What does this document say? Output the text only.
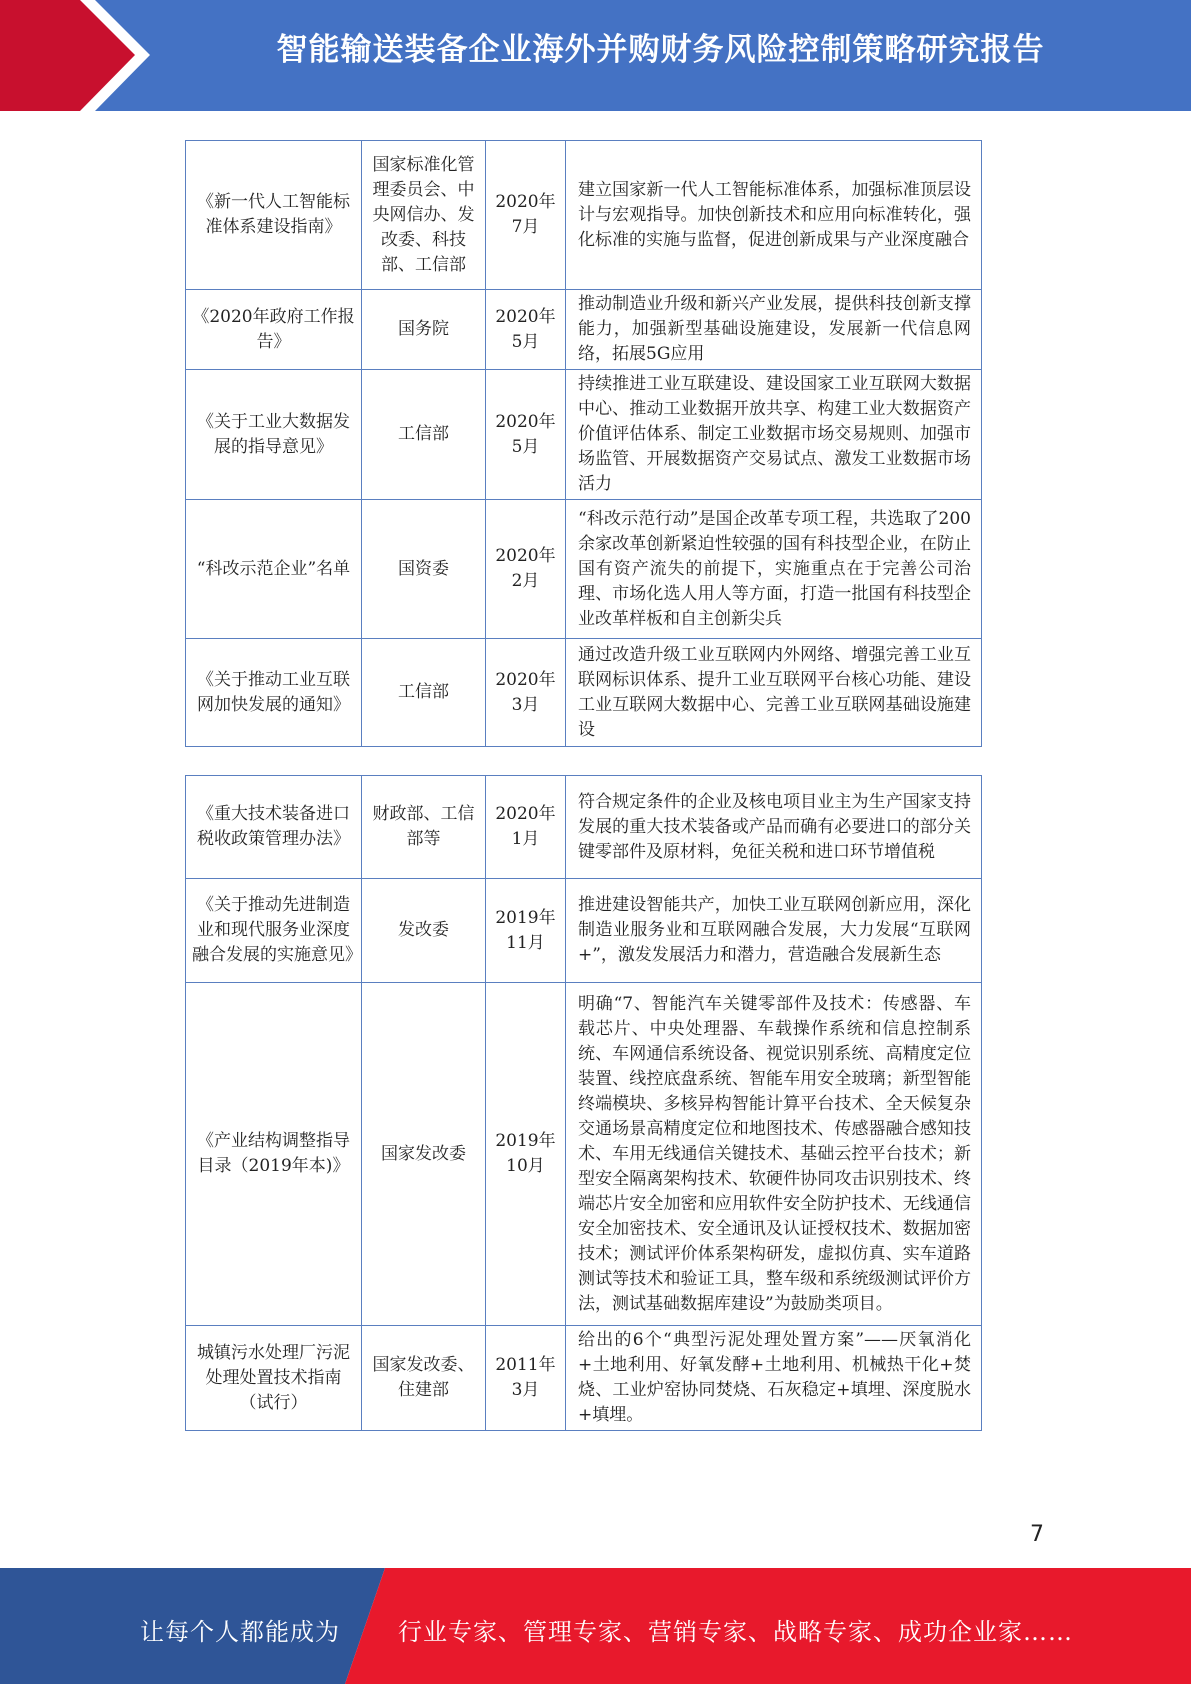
智能输送装备企业海外并购财务风险控制策略研究报告
《新一代人工智能标准体系建设指南》	国家标准化管理委员会、中央网信办、发改委、科技部、工信部	2020年7月	建立国家新一代人工智能标准体系，加强标准顶层设计与宏观指导。加快创新技术和应用向标准转化，强化标准的实施与监督，促进创新成果与产业深度融合
《2020年政府工作报告》	国务院	2020年5月	推动制造业升级和新兴产业发展，提供科技创新支撑能力，加强新型基础设施建设，发展新一代信息网络，拓展5G应用
《关于工业大数据发展的指导意见》	工信部	2020年5月	持续推进工业互联建设、建设国家工业互联网大数据中心、推动工业数据开放共享、构建工业大数据资产价值评估体系、制定工业数据市场交易规则、加强市场监管、开展数据资产交易试点、激发工业数据市场活力
“科改示范企业”名单	国资委	2020年2月	“科改示范行动”是国企改革专项工程，共选取了200余家改革创新紧迫性较强的国有科技型企业，在防止国有资产流失的前提下，实施重点在于完善公司治理、市场化选人用人等方面，打造一批国有科技型企业改革样板和自主创新尖兵
《关于推动工业互联网加快发展的通知》	工信部	2020年3月	通过改造升级工业互联网内外网络、增强完善工业互联网标识体系、提升工业互联网平台核心功能、建设工业互联网大数据中心、完善工业互联网基础设施建设
《重大技术装备进口税收政策管理办法》	财政部、工信部等	2020年1月	符合规定条件的企业及核电项目业主为生产国家支持发展的重大技术装备或产品而确有必要进口的部分关键零部件及原材料，免征关税和进口环节增值税
《关于推动先进制造业和现代服务业深度融合发展的实施意见》	发改委	2019年11月	推进建设智能共产，加快工业互联网创新应用，深化制造业服务业和互联网融合发展，大力发展“互联网+”，激发发展活力和潜力，营造融合发展新生态
《产业结构调整指导目录（2019年本)》	国家发改委	2019年10月	明确“7、智能汽车关键零部件及技术：传感器、车载芯片、中央处理器、车载操作系统和信息控制系统、车网通信系统设备、视觉识别系统、高精度定位装置、线控底盘系统、智能车用安全玻璃；新型智能终端模块、多核异构智能计算平台技术、全天候复杂交通场景高精度定位和地图技术、传感器融合感知技术、车用无线通信关键技术、基础云控平台技术；新型安全隔离架构技术、软硬件协同攻击识别技术、终端芯片安全加密和应用软件安全防护技术、无线通信安全加密技术、安全通讯及认证授权技术、数据加密技术；测试评价体系架构研发，虚拟仿真、实车道路测试等技术和验证工具，整车级和系统级测试评价方法，测试基础数据库建设”为鼓励类项目。
城镇污水处理厂污泥处理处置技术指南（试行）	国家发改委、住建部	2011年3月	给出的6个“典型污泥处理处置方案”——厌氧消化+土地利用、好氧发酵+土地利用、机械热干化+焚烧、工业炉窑协同焚烧、石灰稳定+填埋、深度脱水+填埋。
7
让每个人都能成为 行业专家、管理专家、营销专家、战略专家、成功企业家……
